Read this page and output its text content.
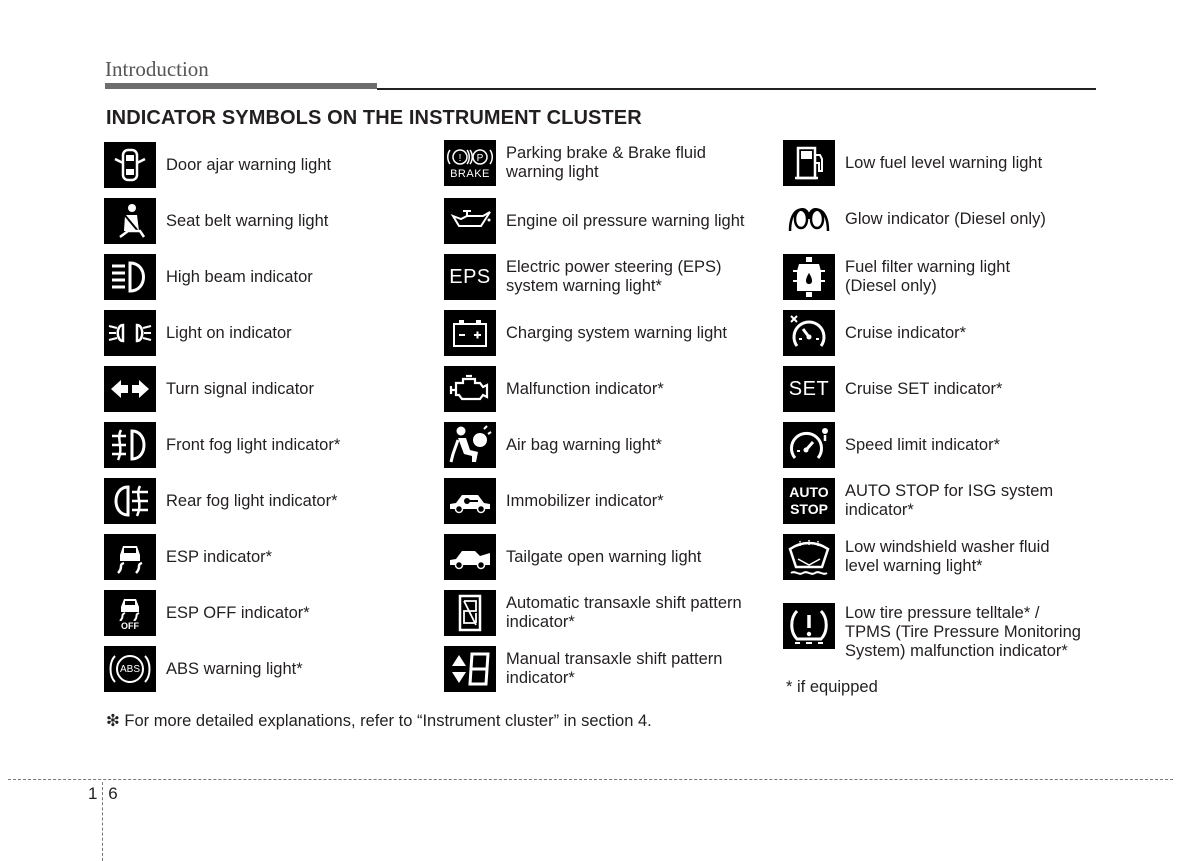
Introduction
INDICATOR SYMBOLS ON THE INSTRUMENT CLUSTER
Door ajar warning light
Seat belt warning light
High beam indicator
Light on indicator
Turn signal indicator
Front fog light indicator*
Rear fog light indicator*
ESP indicator*
OFF
ESP OFF indicator*
ABS ABS warning light*
! P
BRAKE
Parking brake & Brake fluid
warning light
Engine oil pressure warning light
EPS Electric power steering (EPS)
system warning light*
Charging system warning light
Malfunction indicator*
Air bag warning light*
Immobilizer indicator*
Tailgate open warning light
Automatic transaxle shift pattern
indicator*
Manual transaxle shift pattern
indicator*
Low fuel level warning light
Glow indicator (Diesel only)
Fuel filter warning light
(Diesel only)
Cruise indicator*
SET Cruise SET indicator*
Speed limit indicator*
AUTO
STOP
AUTO STOP for ISG system
indicator*
Low windshield washer fluid
level warning light*
Low tire pressure telltale* /
TPMS (Tire Pressure Monitoring
System) malfunction indicator*
* if equipped
❇ For more detailed explanations, refer to “Instrument cluster” in section 4.
1 6
